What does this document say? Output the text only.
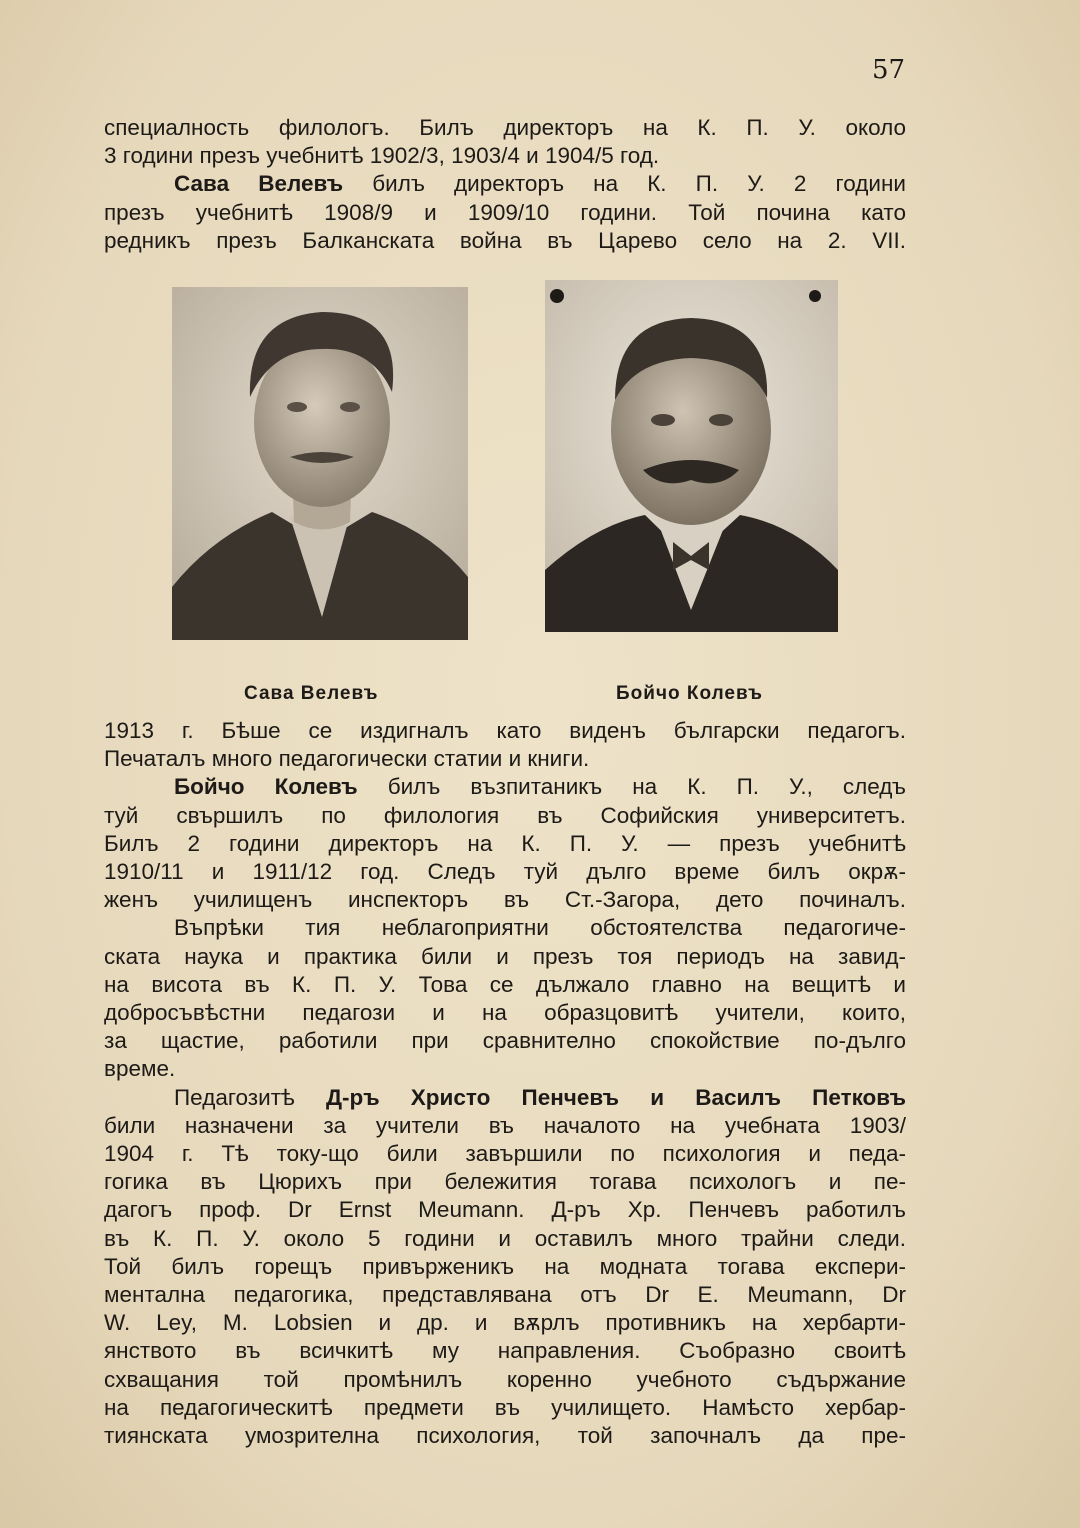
57
специалность филологъ. Билъ директоръ на К. П. У. около
3 години презъ учебнитѣ 1902/3, 1903/4 и 1904/5 год.
Сава Велевъ билъ директоръ на К. П. У. 2 години
презъ учебнитѣ 1908/9 и 1909/10 години. Той почина като
редникъ презъ Балканската война въ Царево село на 2. VII.
Сава Велевъ	Бойчо Колевъ
1913 г. Бѣше се издигналъ като виденъ български педагогъ.
Печаталъ много педагогически статии и книги.
Бойчо Колевъ билъ възпитаникъ на К. П. У., следъ
туй свършилъ по филология въ Софийския университетъ.
Билъ 2 години директоръ на К. П. У. — презъ учебнитѣ
1910/11 и 1911/12 год. Следъ туй дълго време билъ окрѫ-
женъ училищенъ инспекторъ въ Ст.-Загора, дето починалъ.
Въпрѣки тия неблагоприятни обстоятелства педагогиче-
ската наука и практика били и презъ тоя периодъ на завид-
на висота въ К. П. У. Това се дължало главно на вещитѣ и
добросъвѣстни педагози и на образцовитѣ учители, които,
за щастие, работили при сравнително спокойствие по-дълго
време.
Педагозитѣ Д-ръ Христо Пенчевъ и Василъ Петковъ
били назначени за учители въ началото на учебната 1903/
1904 г. Тѣ току-що били завършили по психология и педа-
гогика въ Цюрихъ при бележития тогава психологъ и пе-
дагогъ проф. Dr Ernst Meumann. Д-ръ Хр. Пенчевъ работилъ
въ К. П. У. около 5 години и оставилъ много трайни следи.
Той билъ горещъ привърженикъ на модната тогава експери-
ментална педагогика, представлявана отъ Dr E. Meumann, Dr
W. Ley, M. Lobsien и др. и вѫрлъ противникъ на хербарти-
янството въ всичкитѣ му направления. Съобразно своитѣ
схващания той промѣнилъ коренно учебното съдържание
на педагогическитѣ предмети въ училището. Намѣсто хербар-
тиянската умозрителна психология, той започналъ да пре-
